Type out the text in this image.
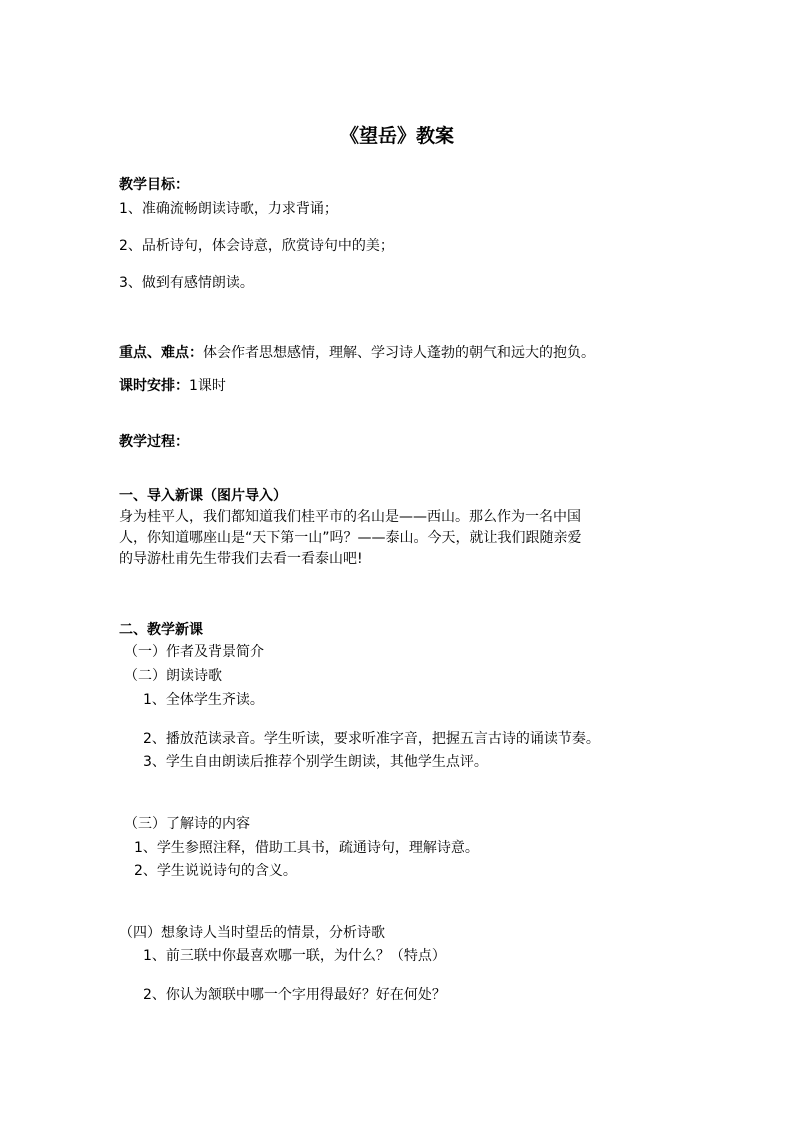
《望岳》教案
教学目标：
1、准确流畅朗读诗歌，力求背诵；
2、品析诗句，体会诗意，欣赏诗句中的美；
3、做到有感情朗读。
重点、难点：体会作者思想感情，理解、学习诗人蓬勃的朝气和远大的抱负。
课时安排：1课时
教学过程：
一、导入新课（图片导入）
身为桂平人，我们都知道我们桂平市的名山是——西山。那么作为一名中国
人，你知道哪座山是“天下第一山”吗？——泰山。今天，就让我们跟随亲爱
的导游杜甫先生带我们去看一看泰山吧!
二、教学新课
（一）作者及背景简介
（二）朗读诗歌
1、全体学生齐读。
2、播放范读录音。学生听读，要求听准字音，把握五言古诗的诵读节奏。
3、学生自由朗读后推荐个别学生朗读，其他学生点评。
（三）了解诗的内容
1、学生参照注释，借助工具书，疏通诗句，理解诗意。
2、学生说说诗句的含义。
（四）想象诗人当时望岳的情景，分析诗歌
1、前三联中你最喜欢哪一联，为什么？（特点）
2、你认为颔联中哪一个字用得最好？好在何处？
